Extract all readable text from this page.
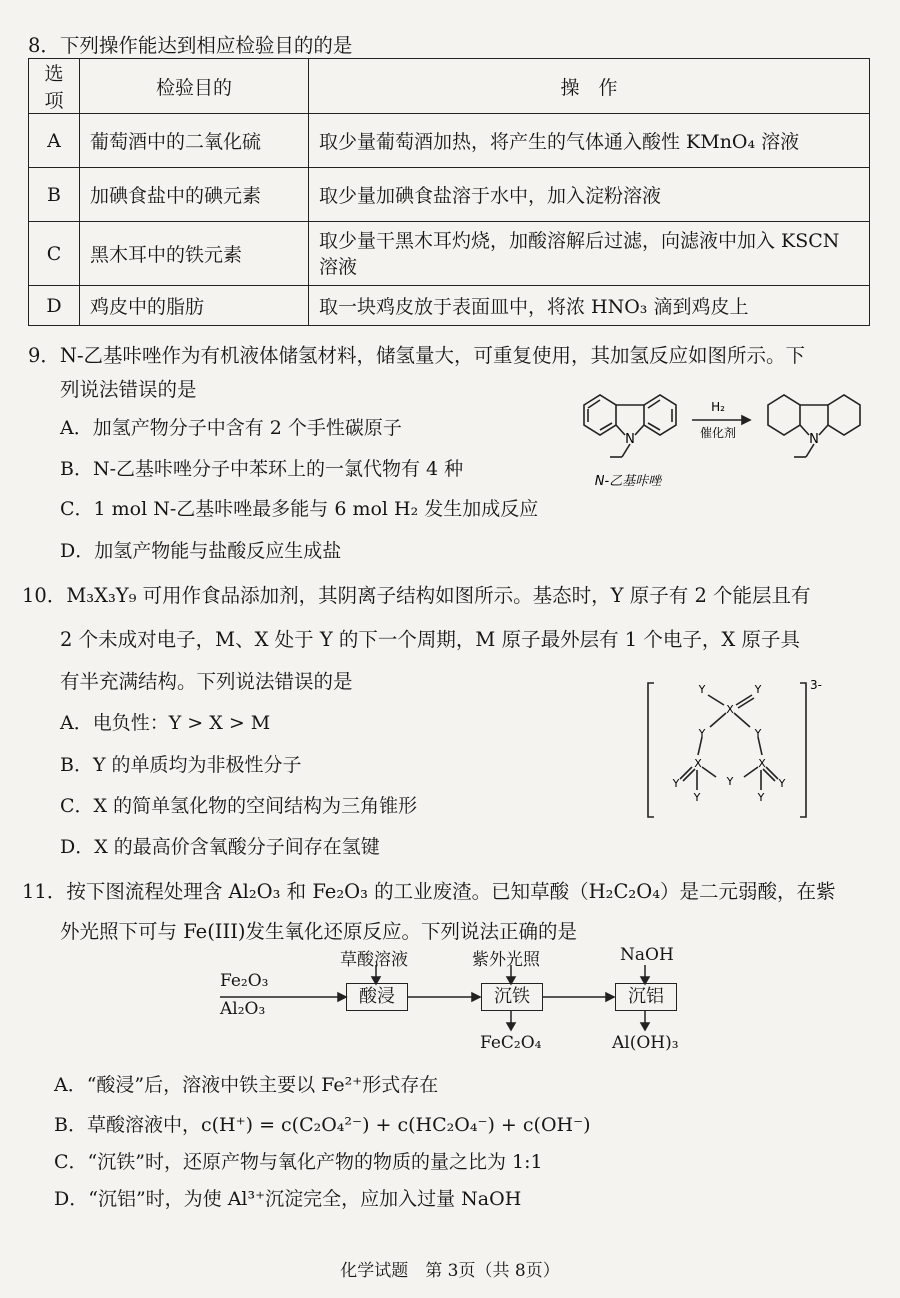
8．下列操作能达到相应检验目的的是
选项	检验目的	操　作
A	葡萄酒中的二氧化硫	取少量葡萄酒加热，将产生的气体通入酸性 KMnO₄ 溶液
B	加碘食盐中的碘元素	取少量加碘食盐溶于水中，加入淀粉溶液
C	黑木耳中的铁元素	取少量干黑木耳灼烧，加酸溶解后过滤，向滤液中加入 KSCN 溶液
D	鸡皮中的脂肪	取一块鸡皮放于表面皿中，将浓 HNO₃ 滴到鸡皮上
9．N-乙基咔唑作为有机液体储氢材料，储氢量大，可重复使用，其加氢反应如图所示。下
列说法错误的是
A．加氢产物分子中含有 2 个手性碳原子
B．N-乙基咔唑分子中苯环上的一氯代物有 4 种
C．1 mol N-乙基咔唑最多能与 6 mol H₂ 发生加成反应
D．加氢产物能与盐酸反应生成盐
N	N
H₂
催化剂
N-乙基咔唑
10．M₃X₃Y₉ 可用作食品添加剂，其阴离子结构如图所示。基态时，Y 原子有 2 个能层且有
2 个未成对电子，M、X 处于 Y 的下一个周期，M 原子最外层有 1 个电子，X 原子具
有半充满结构。下列说法错误的是
A．电负性：Y > X > M
B．Y 的单质均为非极性分子
C．X 的简单氢化物的空间结构为三角锥形
D．X 的最高价含氧酸分子间存在氢键
X
X	X
Y	Y
Y	Y
Y
Y
Y
Y
Y
3-
11．按下图流程处理含 Al₂O₃ 和 Fe₂O₃ 的工业废渣。已知草酸（H₂C₂O₄）是二元弱酸，在紫
外光照下可与 Fe(III)发生氧化还原反应。下列说法正确的是
Fe₂O₃
Al₂O₃
草酸溶液
酸浸
紫外光照
沉铁
FeC₂O₄
NaOH
沉铝
Al(OH)₃
A．“酸浸”后，溶液中铁主要以 Fe²⁺形式存在
B．草酸溶液中，c(H⁺) = c(C₂O₄²⁻) + c(HC₂O₄⁻) + c(OH⁻)
C．“沉铁”时，还原产物与氧化产物的物质的量之比为 1:1
D．“沉铝”时，为使 Al³⁺沉淀完全，应加入过量 NaOH
化学试题　第 3页（共 8页）
